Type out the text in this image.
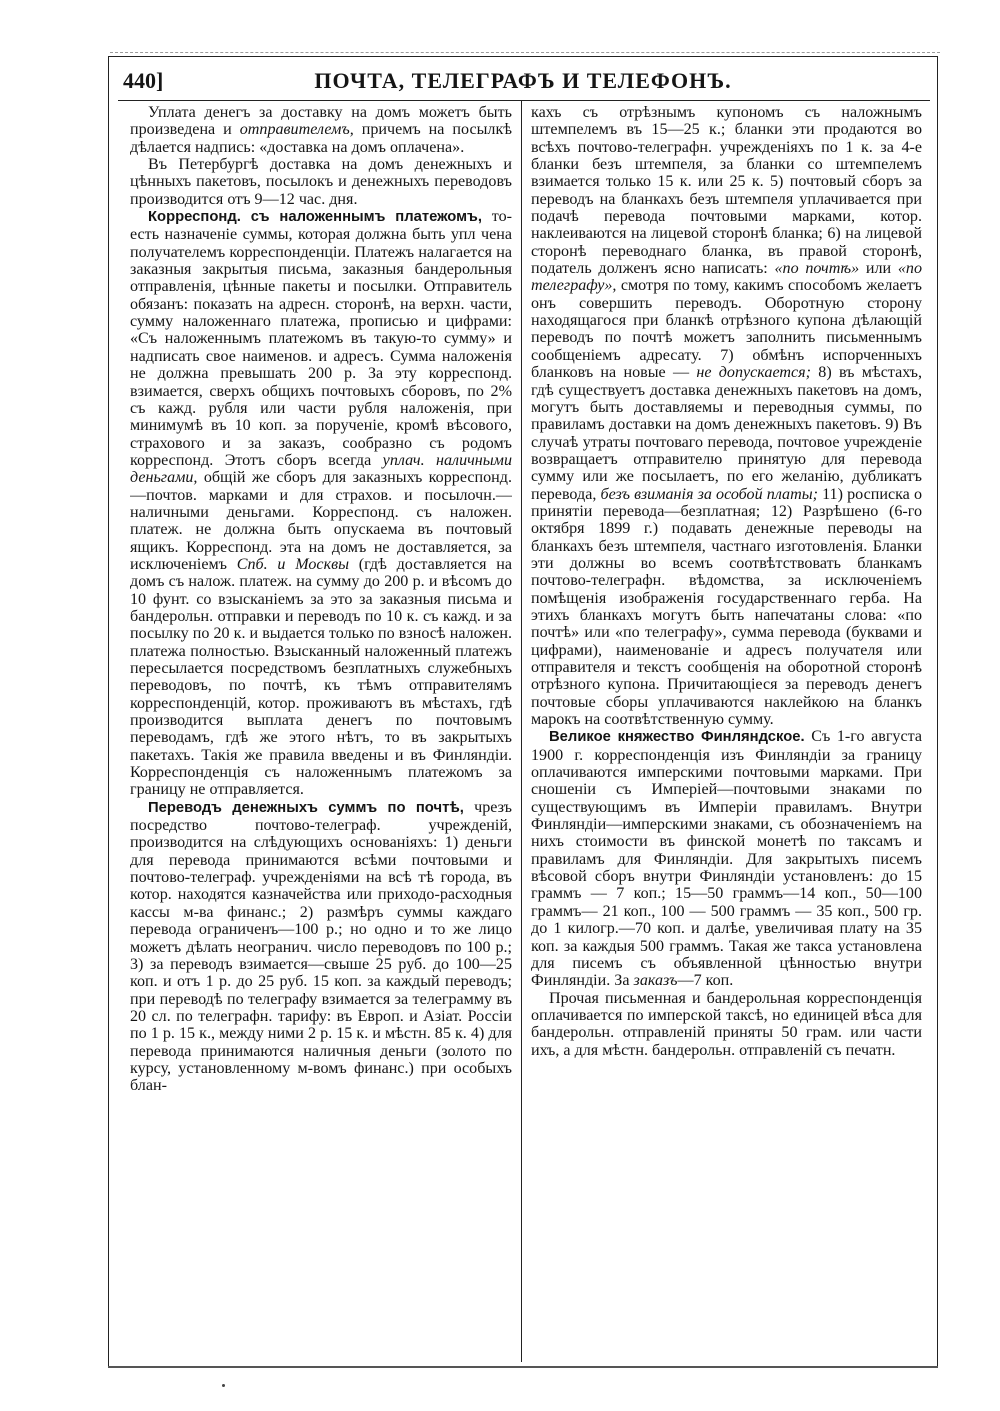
440]	ПОЧТА, ТЕЛЕГРАФЪ И ТЕЛЕФОНЪ.

Уплата денегъ за доставку на домъ можетъ быть произведена и отправителемъ, причемъ на посылкѣ дѣлается надпись: «доставка на домъ оплачена».

Въ Петербургѣ доставка на домъ денежныхъ и цѣнныхъ пакетовъ, посылокъ и денежныхъ переводовъ производится отъ 9—12 час. дня.

Корреспонд. съ наложеннымъ платежомъ, то-есть назначеніе суммы, которая должна быть упл чена получателемъ корреспонденціи. Платежъ налагается на заказныя закрытыя письма, заказныя бандерольныя отправленія, цѣнные пакеты и посылки. Отправитель обязанъ: показать на адресн. сторонѣ, на верхн. части, сумму наложеннаго платежа, прописью и цифрами: «Съ наложеннымъ платежомъ въ такую-то сумму» и надписать свое наименов. и адресъ. Сумма наложенія не должна превышать 200 р. За эту корреспонд. взимается, сверхъ общихъ почтовыхъ сборовъ, по 2% съ кажд. рубля или части рубля наложенія, при минимумѣ въ 10 коп. за порученіе, кромѣ вѣсового, страхового и за заказъ, сообразно съ родомъ корреспонд. Этотъ сборъ всегда уплач. наличными деньгами, общій же сборъ для заказныхъ корреспонд.—почтов. марками и для страхов. и посылочн.—наличными деньгами. Корреспонд. съ наложен. платеж. не должна быть опускаема въ почтовый ящикъ. Корреспонд. эта на домъ не доставляется, за исключеніемъ Спб. и Москвы (гдѣ доставляется на домъ съ налож. платеж. на сумму до 200 р. и вѣсомъ до 10 фунт. со взысканіемъ за это за заказныя письма и бандерольн. отправки и переводъ по 10 к. съ кажд. и за посылку по 20 к. и выдается только по взносѣ наложен. платежа полностью. Взысканный наложенный платежъ пересылается посредствомъ безплатныхъ служебныхъ переводовъ, по почтѣ, къ тѣмъ отправителямъ корреспонденцій, котор. проживаютъ въ мѣстахъ, гдѣ производится выплата денегъ по почтовымъ переводамъ, гдѣ же этого нѣтъ, то въ закрытыхъ пакетахъ. Такія же правила введены и въ Финляндіи. Корреспонденція съ наложеннымъ платежомъ за границу не отправляется.

Переводъ денежныхъ суммъ по почтѣ, чрезъ посредство почтово-телеграф. учрежденій, производится на слѣдующихъ основаніяхъ: 1) деньги для перевода принимаются всѣми почтовыми и почтово-телеграф. учрежденіями на всѣ тѣ города, въ котор. находятся казначейства или приходо-расходныя кассы м-ва финанс.; 2) размѣръ суммы каждаго перевода ограниченъ—100 р.; но одно и то же лицо можетъ дѣлать неогранич. число переводовъ по 100 р.; 3) за переводъ взимается—свыше 25 руб. до 100—25 коп. и отъ 1 р. до 25 руб. 15 коп. за каждый переводъ; при переводѣ по телеграфу взимается за телеграмму въ 20 сл. по телеграфн. тарифу: въ Европ. и Азіат. Россіи по 1 р. 15 к., между ними 2 р. 15 к. и мѣстн. 85 к. 4) для перевода принимаются наличныя деньги (золото по курсу, установленному м-вомъ финанс.) при особыхъ блан-

кахъ съ отрѣзнымъ купономъ съ наложнымъ штемпелемъ въ 15—25 к.; бланки эти продаются во всѣхъ почтово-телеграфн. учрежденіяхъ по 1 к. за 4-е бланки безъ штемпеля, за бланки со штемпелемъ взимается только 15 к. или 25 к. 5) почтовый сборъ за переводъ на бланкахъ безъ штемпеля уплачивается при подачѣ перевода почтовыми марками, котор. наклеиваются на лицевой сторонѣ бланка; 6) на лицевой сторонѣ переводнаго бланка, въ правой сторонѣ, податель долженъ ясно написать: «по почтѣ» или «по телеграфу», смотря по тому, какимъ способомъ желаетъ онъ совершить переводъ. Оборотную сторону находящагося при бланкѣ отрѣзного купона дѣлающій переводъ по почтѣ можетъ заполнить письменнымъ сообщеніемъ адресату. 7) обмѣнъ испорченныхъ бланковъ на новые — не допускается; 8) въ мѣстахъ, гдѣ существуетъ доставка денежныхъ пакетовъ на домъ, могутъ быть доставляемы и переводныя суммы, по правиламъ доставки на домъ денежныхъ пакетовъ. 9) Въ случаѣ утраты почтоваго перевода, почтовое учрежденіе возвращаетъ отправителю принятую для перевода сумму или же посылаетъ, по его желанію, дубликатъ перевода, безъ взиманія за особой платы; 11) росписка о принятіи перевода—безплатная; 12) Разрѣшено (6-го октября 1899 г.) подавать денежные переводы на бланкахъ безъ штемпеля, частнаго изготовленія. Бланки эти должны во всемъ соотвѣтствовать бланкамъ почтово-телеграфн. вѣдомства, за исключеніемъ помѣщенія изображенія государственнаго герба. На этихъ бланкахъ могутъ быть напечатаны слова: «по почтѣ» или «по телеграфу», сумма перевода (буквами и цифрами), наименованіе и адресъ получателя или отправителя и текстъ сообщенія на оборотной сторонѣ отрѣзного купона. Причитающіеся за переводъ денегъ почтовые сборы уплачиваются наклейкою на бланкъ марокъ на соотвѣтственную сумму.

Великое княжество Финляндское. Съ 1-го августа 1900 г. корреспонденція изъ Финляндіи за границу оплачиваются имперскими почтовыми марками. При сношеніи съ Имперіей—почтовыми знаками по существующимъ въ Имперіи правиламъ. Внутри Финляндіи—имперскими знаками, съ обозначеніемъ на нихъ стоимости въ финской монетѣ по таксамъ и правиламъ для Финляндіи. Для закрытыхъ писемъ вѣсовой сборъ внутри Финляндіи установленъ: до 15 граммъ — 7 коп.; 15—50 граммъ—14 коп., 50—100 граммъ— 21 коп., 100 — 500 граммъ — 35 коп., 500 гр. до 1 килогр.—70 коп. и далѣе, увеличивая плату на 35 коп. за каждыя 500 граммъ. Такая же такса установлена для писемъ съ объявленной цѣнностью внутри Финляндіи. За заказъ—7 коп.

Прочая письменная и бандерольная корреспонденція оплачивается по имперской таксѣ, но единицей вѣса для бандерольн. отправленій приняты 50 грам. или части ихъ, а для мѣстн. бандерольн. отправленій съ печатн.
